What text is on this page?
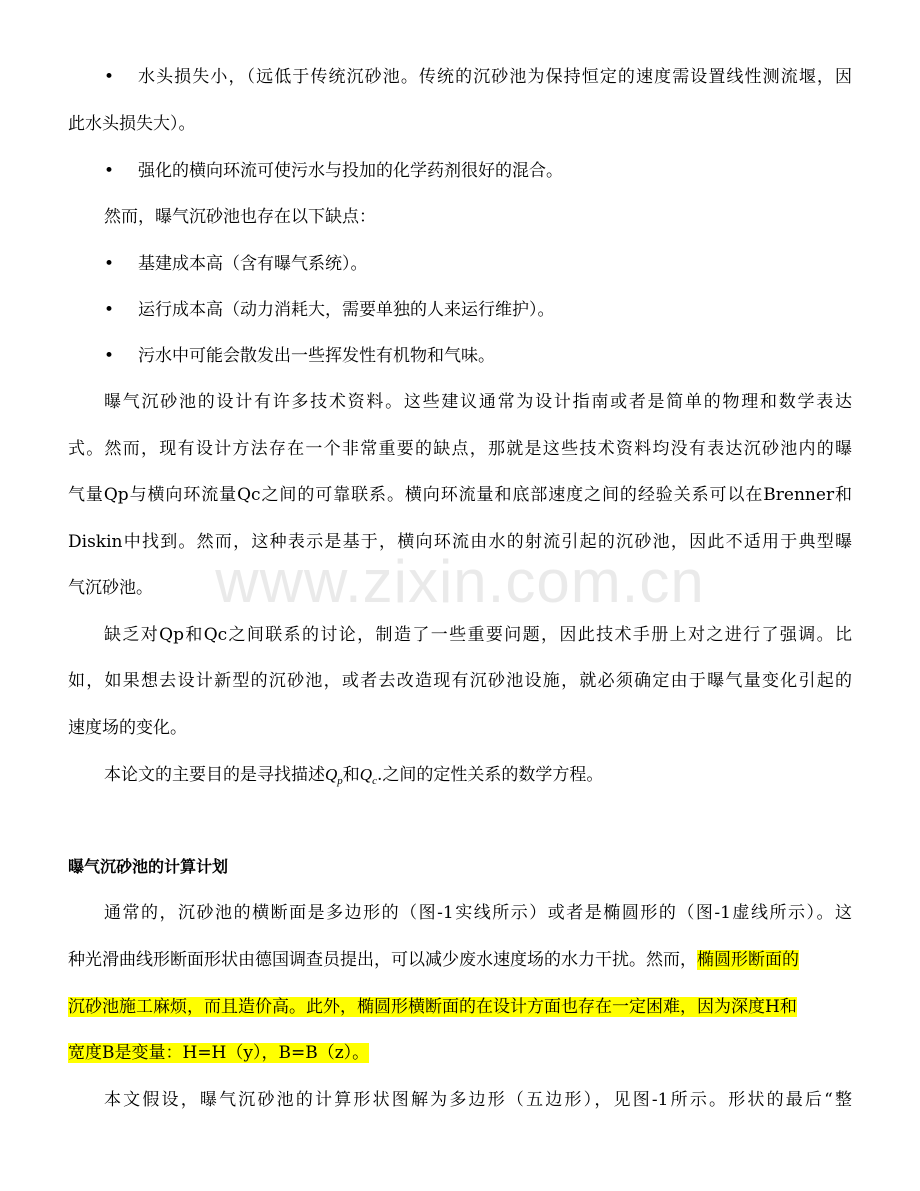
• 水头损失小，（远低于传统沉砂池。传统的沉砂池为保持恒定的速度需设置线性测流堰，因
此水头损失大）。
• 强化的横向环流可使污水与投加的化学药剂很好的混合。
然而，曝气沉砂池也存在以下缺点：
• 基建成本高（含有曝气系统）。
• 运行成本高（动力消耗大，需要单独的人来运行维护）。
• 污水中可能会散发出一些挥发性有机物和气味。
曝气沉砂池的设计有许多技术资料。这些建议通常为设计指南或者是简单的物理和数学表达
式。然而，现有设计方法存在一个非常重要的缺点，那就是这些技术资料均没有表达沉砂池内的曝
气量Qp与横向环流量Qc之间的可靠联系。横向环流量和底部速度之间的经验关系可以在Brenner和
Diskin中找到。然而，这种表示是基于，横向环流由水的射流引起的沉砂池，因此不适用于典型曝
气沉砂池。	www.zixin.com.cn
缺乏对Qp和Qc之间联系的讨论，制造了一些重要问题，因此技术手册上对之进行了强调。比
如，如果想去设计新型的沉砂池，或者去改造现有沉砂池设施，就必须确定由于曝气量变化引起的
速度场的变化。
本论文的主要目的是寻找描述$Q_p$和$Q_c$.之间的定性关系的数学方程。
曝气沉砂池的计算计划
通常的，沉砂池的横断面是多边形的（图-1实线所示）或者是椭圆形的（图-1虚线所示）。这
种光滑曲线形断面形状由德国调查员提出，可以减少废水速度场的水力干扰。然而，椭圆形断面的
沉砂池施工麻烦，而且造价高。此外，椭圆形横断面的在设计方面也存在一定困难，因为深度H和
宽度B是变量：H=H（y），B=B（z）。
本文假设，曝气沉砂池的计算形状图解为多边形（五边形），见图-1所示。形状的最后“整
